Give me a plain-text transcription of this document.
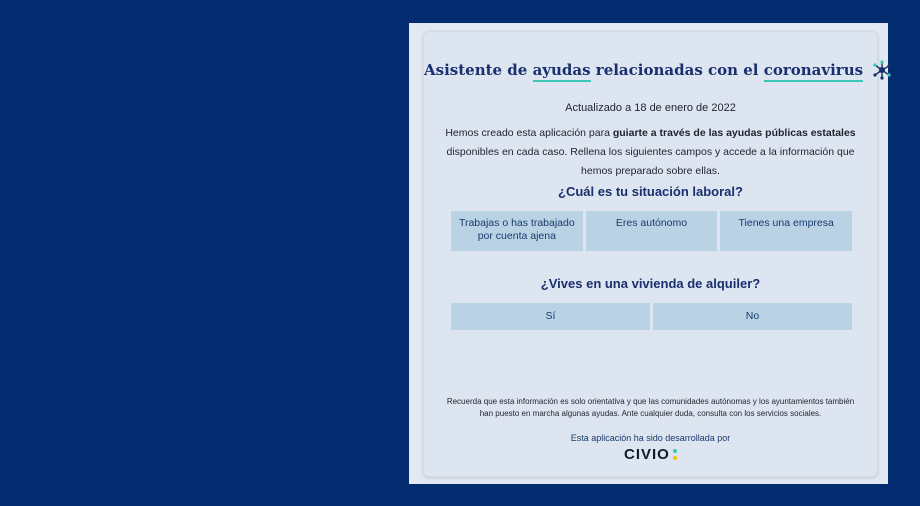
Asistente de ayudas relacionadas con el coronavirus
Actualizado a 18 de enero de 2022
Hemos creado esta aplicación para guiarte a través de las ayudas públicas estatales disponibles en cada caso. Rellena los siguientes campos y accede a la información que hemos preparado sobre ellas.
¿Cuál es tu situación laboral?
Trabajas o has trabajado por cuenta ajena
Eres autónomo	Tienes una empresa
¿Vives en una vivienda de alquiler?
Sí	No
Recuerda que esta información es solo orientativa y que las comunidades autónomas y los ayuntamientos también han puesto en marcha algunas ayudas. Ante cualquier duda, consulta con los servicios sociales.
Esta aplicación ha sido desarrollada por
CIVIO
